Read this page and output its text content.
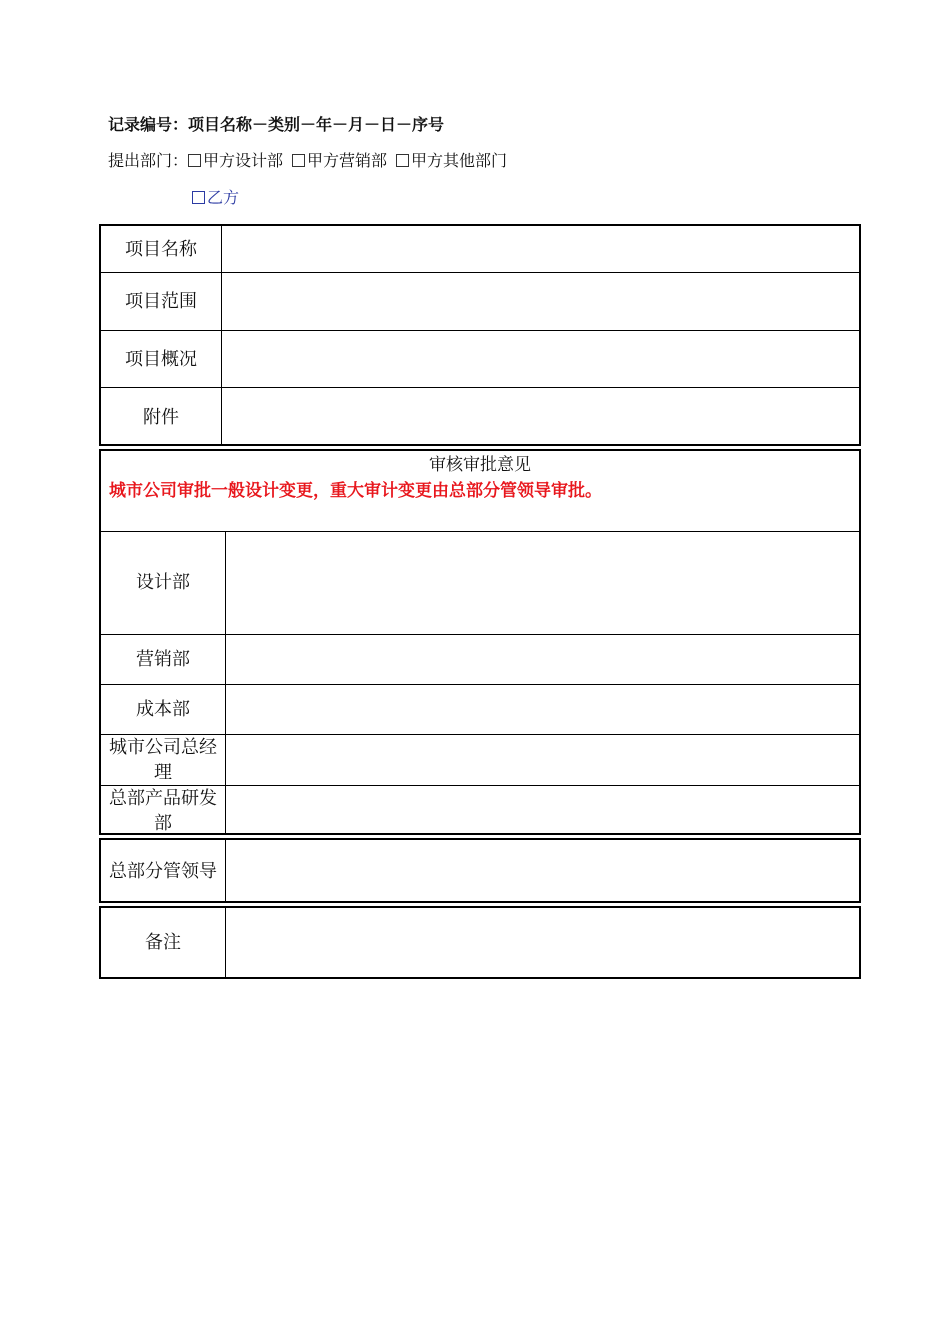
记录编号：项目名称－类别－年－月－日－序号
提出部门： 甲方设计部 甲方营销部 甲方其他部门
乙方
项目名称
项目范围
项目概况
附件
审核审批意见
城市公司审批一般设计变更，重大审计变更由总部分管领导审批。
设计部
营销部
成本部
城市公司总经理
总部产品研发部
总部分管领导
备注
